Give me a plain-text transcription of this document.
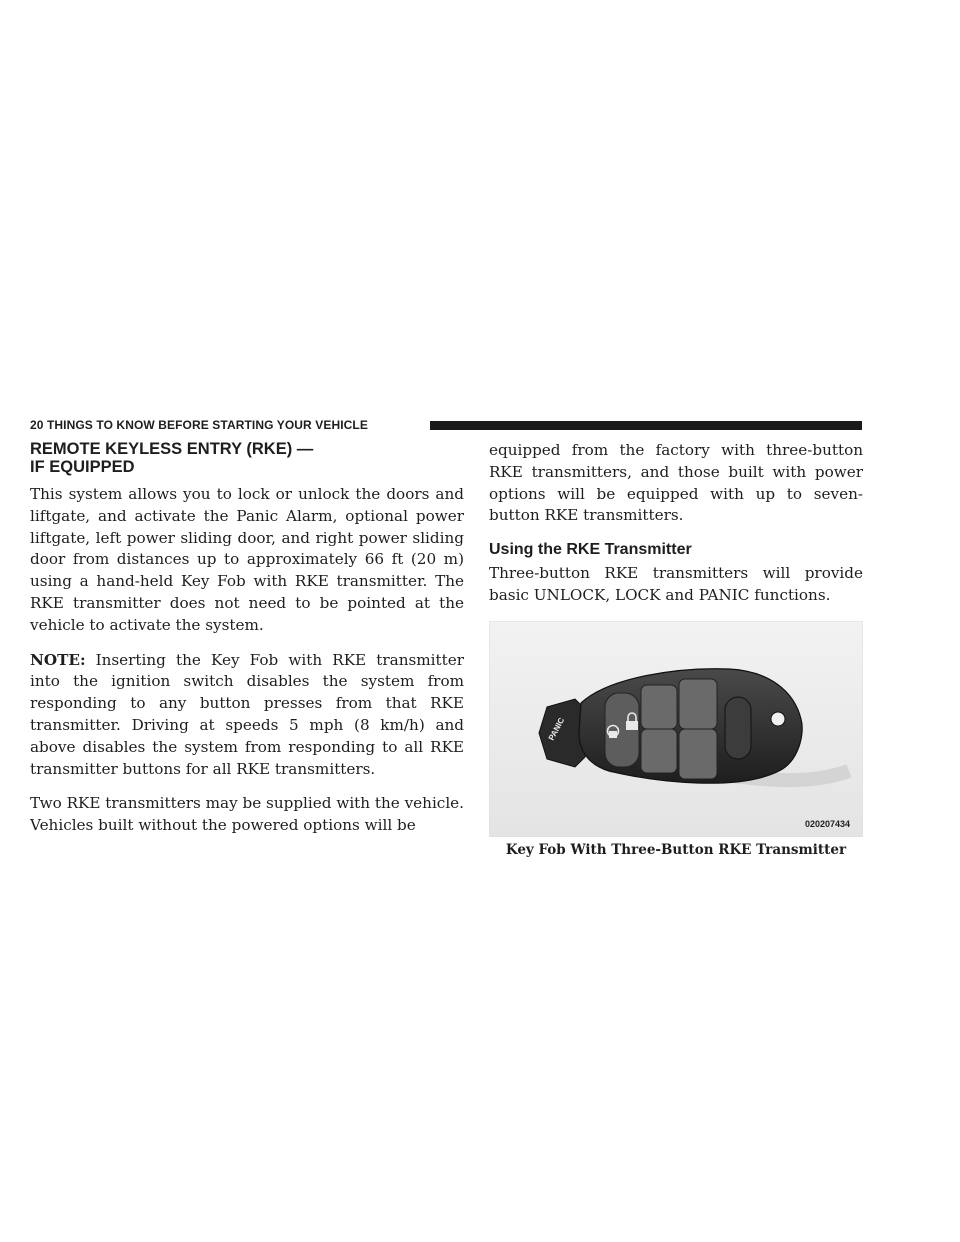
20 THINGS TO KNOW BEFORE STARTING YOUR VEHICLE
REMOTE KEYLESS ENTRY (RKE) —
IF EQUIPPED

This system allows you to lock or unlock the doors and liftgate, and activate the Panic Alarm, optional power liftgate, left power sliding door, and right power sliding door from distances up to approximately 66 ft (20 m) using a hand-held Key Fob with RKE transmitter. The RKE transmitter does not need to be pointed at the vehicle to activate the system.

NOTE: Inserting the Key Fob with RKE transmitter into the ignition switch disables the system from responding to any button presses from that RKE transmitter. Driving at speeds 5 mph (8 km/h) and above disables the system from responding to all RKE transmitter buttons for all RKE transmitters.

Two RKE transmitters may be supplied with the vehicle. Vehicles built without the powered options will be

equipped from the factory with three-button RKE transmitters, and those built with power options will be equipped with up to seven-button RKE transmitters.

Using the RKE Transmitter

Three-button RKE transmitters will provide basic UNLOCK, LOCK and PANIC functions.

PANIC
020207434
Key Fob With Three-Button RKE Transmitter
